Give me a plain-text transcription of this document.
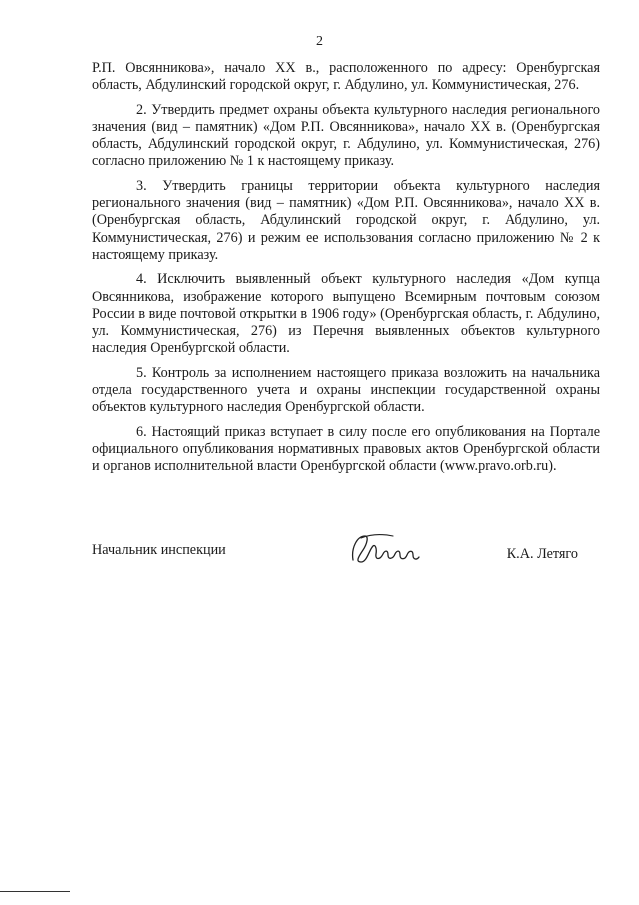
2

Р.П. Овсянникова», начало XX в., расположенного по адресу: Оренбургская область, Абдулинский городской округ, г. Абдулино, ул. Коммунистическая, 276.

2. Утвердить предмет охраны объекта культурного наследия регионального значения (вид – памятник) «Дом Р.П. Овсянникова», начало XX в. (Оренбургская область, Абдулинский городской округ, г. Абдулино, ул. Коммунистическая, 276) согласно приложению № 1 к настоящему приказу.

3. Утвердить границы территории объекта культурного наследия регионального значения (вид – памятник) «Дом Р.П. Овсянникова», начало XX в. (Оренбургская область, Абдулинский городской округ, г. Абдулино, ул. Коммунистическая, 276) и режим ее использования согласно приложению № 2 к настоящему приказу.

4. Исключить выявленный объект культурного наследия «Дом купца Овсянникова, изображение которого выпущено Всемирным почтовым союзом России в виде почтовой открытки в 1906 году» (Оренбургская область, г. Абдулино, ул. Коммунистическая, 276) из Перечня выявленных объектов культурного наследия Оренбургской области.

5. Контроль за исполнением настоящего приказа возложить на начальника отдела государственного учета и охраны инспекции государственной охраны объектов культурного наследия Оренбургской области.

6. Настоящий приказ вступает в силу после его опубликования на Портале официального опубликования нормативных правовых актов Оренбургской области и органов исполнительной власти Оренбургской области (www.pravo.orb.ru).

Начальник инспекции	К.А. Летяго
